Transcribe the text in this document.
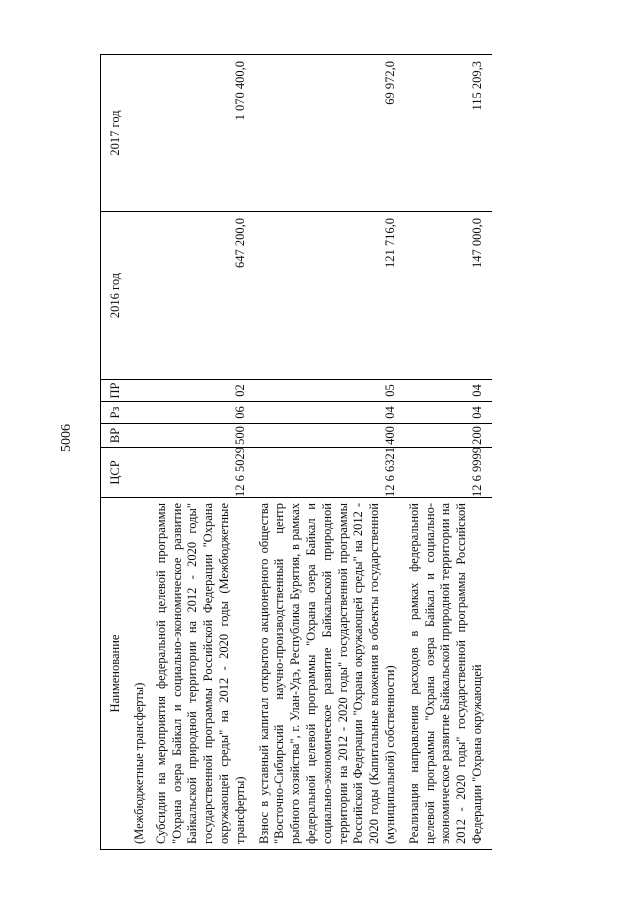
5006
Наименование	ЦСР	ВР	Рз	ПР	2016 год	2017 год
(Межбюджетные трансферты)						
Субсидии на мероприятия федеральной целевой программы "Охрана озера Байкал и социально-экономическое развитие Байкальской природной территории на 2012 - 2020 годы" государственной программы Российской Федерации "Охрана окружающей среды" на 2012 - 2020 годы (Межбюджетные трансферты)	12 6 5029	500	06	02	647 200,0	1 070 400,0
Взнос в уставный капитал открытого акционерного общества "Восточно-Сибирский научно-производственный центр рыбного хозяйства", г. Улан-Удэ, Республика Бурятия, в рамках федеральной целевой программы "Охрана озера Байкал и социально-экономическое развитие Байкальской природной территории на 2012 - 2020 годы" государственной программы Российской Федерации "Охрана окружающей среды" на 2012 - 2020 годы (Капитальные вложения в объекты государственной (муниципальной) собственности)	12 6 6321	400	04	05	121 716,0	69 972,0
Реализация направления расходов в рамках федеральной целевой программы "Охрана озера Байкал и социально-экономическое развитие Байкальской природной территории на 2012 - 2020 годы" государственной программы Российской Федерации "Охрана окружающей	12 6 9999	200	04	04	147 000,0	115 209,3
